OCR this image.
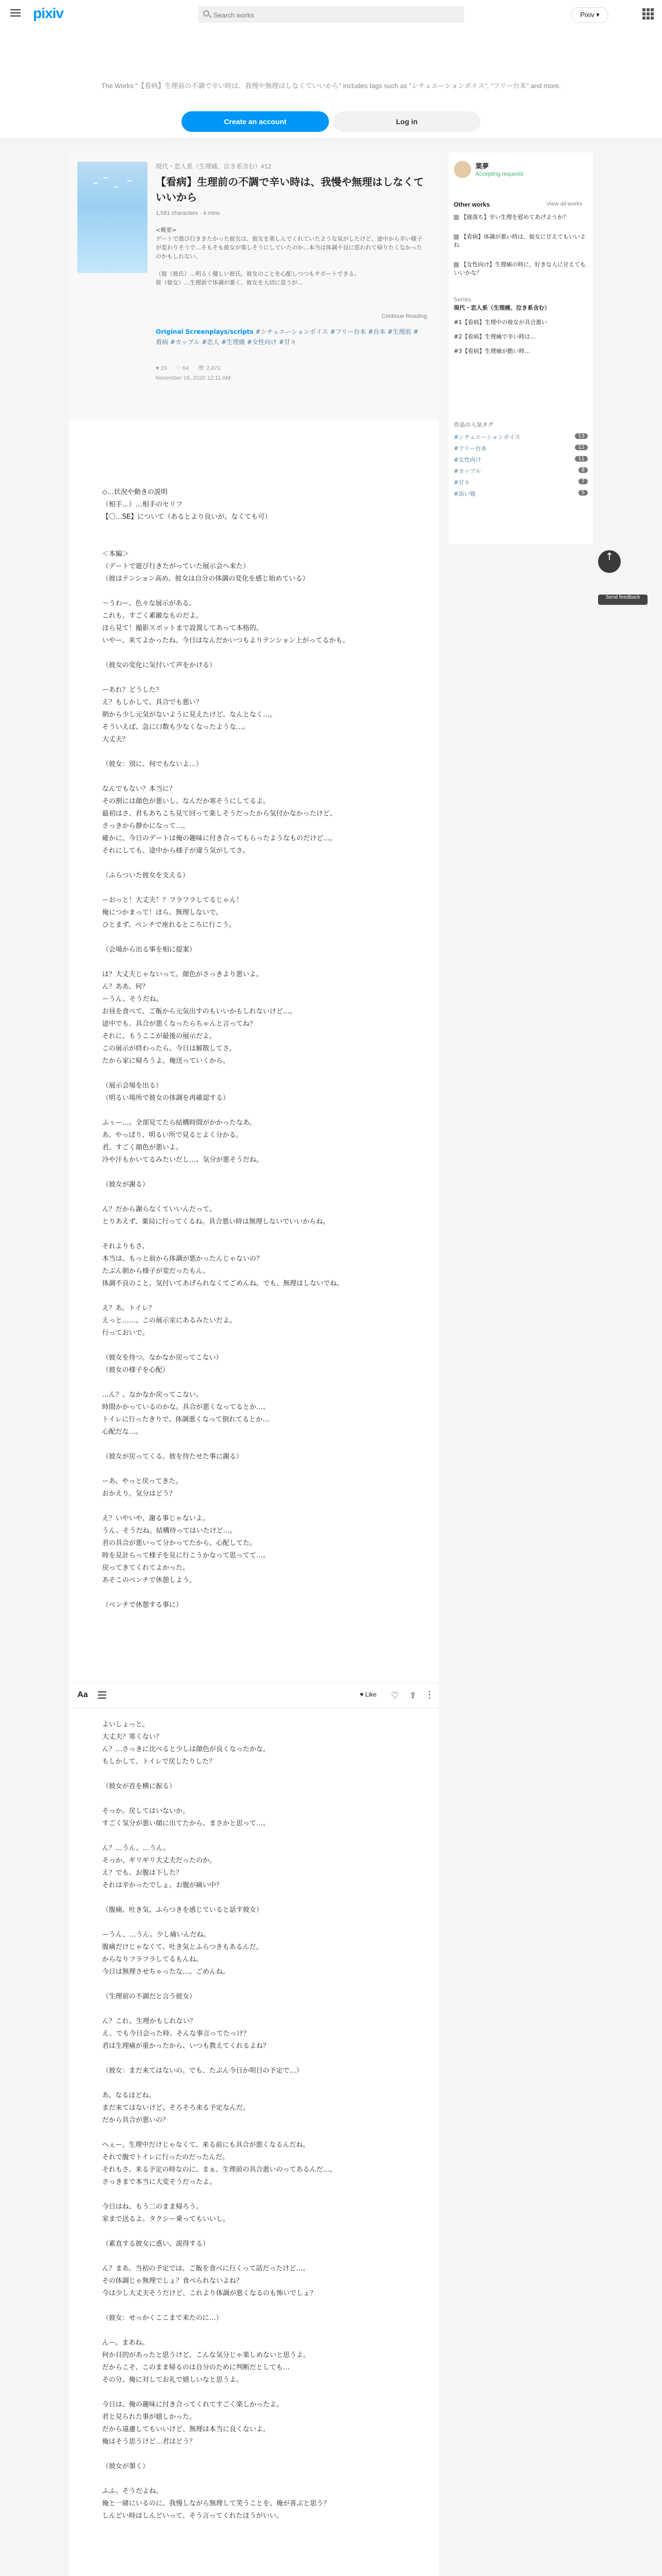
pixiv
Search works	Pixiv ▾
The Works "【看病】生理前の不調で辛い時は、我慢や無理はしなくていいから" includes tags such as "シチュエーションボイス", "フリー台本" and more.
Create an account	Log in
現代・恋人系（生理痛、泣き系含む）#12
【看病】生理前の不調で辛い時は、我慢や無理はしなくていいから
1,581 characters · 4 mins
<概要>
デートで遊び行ききたかった彼女は、彼女を楽しんでくれていたような気がしたけど、途中から辛い様子が変わりそうで…そもそも彼女が楽しそうにしていたのか…本当は体調不良に思われて帰りたくなかったのかもしれない。

（彼（彼氏）…明るく優しい彼氏。彼女のことを心配しつつもサポートできる。
彼（彼女）…生理前で体調が悪く、彼女を大切に思うが…
Continue Reading
Original Screenplays/scripts #シチュエーションボイス #フリー台本 #台本 #生理前 #看病 #カップル #恋人 #生理痛 #女性向け #甘々
♥ 29 ♡ 64 👁 2,471
November 16, 2020 12:11 AM

◇…状況や動きの説明

（相手…）…相手のセリフ

【〇…SE】について（あるとより良いが、なくても可）

＜本編＞

（デートで遊び行きたがっていた展示会へ来た）

（彼はテンション高め、彼女は自分の体調の変化を感じ始めている）

〜うわー、色々な展示がある。

これも、すごく素敵なものだよ。

ほら見て！撮影スポットまで設置してあって本格的。

いやー、来てよかったね。今日はなんだかいつもよりテンション上がってるかも。

（彼女の変化に気付いて声をかける）

ーあれ？どうした？

え？もしかして、具合でも悪い？

朝から少し元気がないように見えたけど、なんとなく…。

そういえば、急に口数も少なくなったような…。

大丈夫？

（彼女：別に、何でもないよ…）

なんでもない？本当に？

その割には顔色が悪いし、なんだか寒そうにしてるよ。

最初はさ、君もあちこち見て回って楽しそうだったから気付かなかったけど、

さっきから静かになって…。

確かに、今日のデートは俺の趣味に付き合ってもらったようなものだけど…。

それにしても、途中から様子が違う気がしてさ。

（ふらついた彼女を支える）

ーおっと！大丈夫！？フラフラしてるじゃん！

俺につかまって！ほら、無理しないで。

ひとまず、ベンチで座れるところに行こう。

（会場から出る事を相に提案）

は？大丈夫じゃないって。顔色がさっきより悪いよ。

ん？ああ、何？

ーうん、そうだね。

お昼を食べて、ご飯から元気出すのもいいかもしれないけど…。

途中でも、具合が悪くなったらちゃんと言ってね？

それに、もうここが最後の展示だよ。

この展示が終わったら、今日は解散してさ。

たから家に帰ろうよ。俺送っていくから。

（展示会場を出る）

（明るい場所で彼女の体調を再確認する）

ふぅー…。全部見てたら結構時間がかかったなあ。

あ、やっぱり、明るい所で見るとよく分かる。

君、すごく顔色が悪いよ。

冷や汗もかいてるみたいだし…。気分が悪そうだね。

（彼女が謝る）

ん？だから謝らなくていいんだって。

とりあえず、薬局に行ってくるね。具合悪い時は無理しないでいいからね。

それよりもさ、

本当は、もっと前から体調が悪かったんじゃないの？

たぶん朝から様子が変だったもん。

体調不良のこと、気付いてあげられなくてごめんね。でも、無理はしないでね。

え？あ、トイレ？

えっと……、この展示室にあるみたいだよ。

行っておいで。

（彼女を待つ。なかなか戻ってこない）

（彼女の様子を心配）

…ん？、なかなか戻ってこない。

時間かかっているのかな。具合が悪くなってるとか…。

トイレに行ったきりで、体調悪くなって倒れてるとか…

心配だな…。

（彼女が戻ってくる。彼を待たせた事に謝る）

ーあ、やっと戻ってきた。

おかえり。気分はどう？

え？いやいや、謝る事じゃないよ。

うん、そうだね。結構待ってはいたけど…。

君の具合が悪いって分かってたから、心配してた。

時を見計らって様子を見に行こうかなって思ってて…。

戻ってきてくれてよかった。

あそこのベンチで休憩しよう。

（ベンチで休憩する事に）

Aa	♥ Like ♡ ⇪ ⋮

よいしょっと。

大丈夫？寒くない？

ん？…さっきに比べると少しは顔色が良くなったかな。

もしかして、トイレで戻したりした？

（彼女が首を横に振る）

そっか。戻してはいないか。

すごく気分が悪い顔に出てたから、まさかと思って…。

ん？…うん、…うん。

そっか、ギリギリ大丈夫だったのか。

え？でも、お腹は下した？

それは辛かったでしょ。お腹が痛い中？

（腹痛、吐き気、ふらつきを感じていると話す彼女）

ーうん、…うん。少し痛いんだね。

腹痛だけじゃなくて、吐き気とふらつきもあるんだ。

からなりフラフラしてるもんね。

今日は無理させちゃったな…。ごめんね。

（生理前の不調だと言う彼女）

ん？これ、生理かもしれない？

え、でも今日会った時、そんな事言ってたっけ？

君は生理痛が重かったから、いつも教えてくれるよね？

（彼女：まだ来てはないの。でも、たぶん今日か明日の予定で…）

あ、なるほどね。

まだ来てはないけど、そろそろ来る予定なんだ。

だから具合が悪いの？

へぇー。生理中だけじゃなくて、来る前にも具合が悪くなるんだね。

それで腹でトイレに行ったのだったんだ。

それもさ、来る予定の時なのに、まぁ、生理前の具合悪いのってあるんだ…。

さっきまで本当に大変そうだったよ。

今日はね、もう二のまま帰ろう。

家まで送るよ。タクシー乗ってもいいし。

（素直する彼女に惑い、説得する）

ん？まあ、当初の予定では、ご飯を食べに行くって話だったけど…。

その体調じゃ無理でしょ？食べられないよね？

今は少し大丈夫そうだけど、これより体調が悪くなるのも怖いでしょ？

（彼女：せっかくここまで来たのに…）

んー。まあね。

何か目的があったと思うけど、こんな気分じゃ楽しめないと思うよ。

だからこそ、このまま帰るのは自分のために判断だとしても…

その分、俺に対してお礼で嬉しいなと思うよ。

今日は、俺の趣味に付き合ってくれてすごく楽しかったよ。

君と見られた事が嬉しかった。

だから遠慮してもいいけど、無理は本当に良くないよ。

俺はそう思うけど…君はどう？

（彼女が頷く）

ふふ。そうだよね。

俺と一緒にいるのに、我慢しながら無理して笑うことを、俺が喜ぶと思う？

しんどい時はしんどいって、そう言ってくれたほうがいい。

葉夢
Accepting requests
Other works	View all works
【寝落ち】辛い生理を慰めてあげようか？
【看病】体調が悪い時は、彼女に甘えてもいいよね
【女性向け】生理痛の時に、好きな人に甘えてもいいかな？
Series
現代・恋人系（生理痛、泣き系含む）
#1【看病】生理中の彼女が具合悪い
#2【看病】生理痛で辛い時は…
#3【看病】生理痛が酷い時…
作品の人気タグ
#シチュエーションボイス	13
#フリー台本	12
#女性向け	11
#カップル	8
#甘々	7
#添い寝	5
↑
Send feedback
